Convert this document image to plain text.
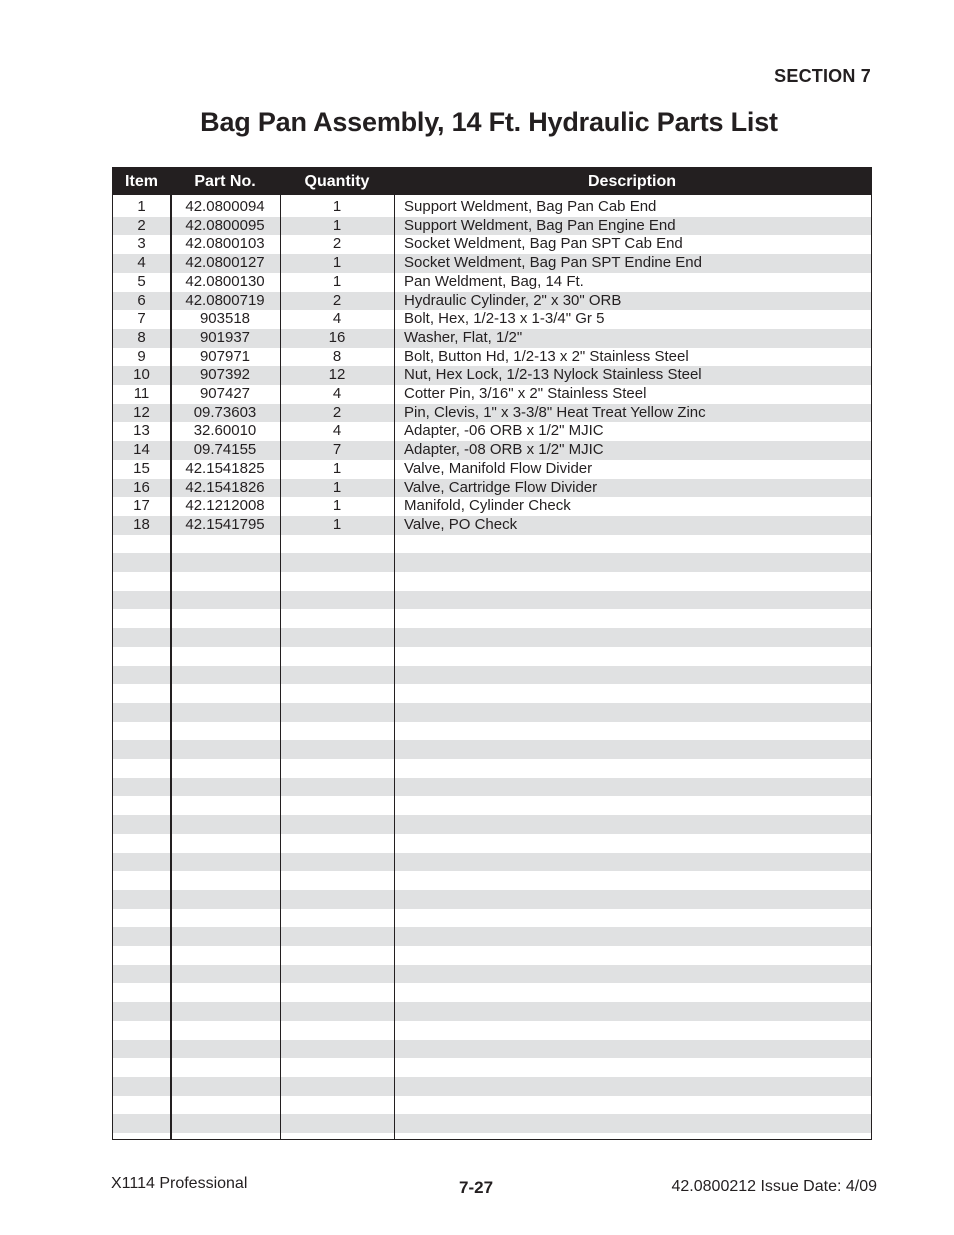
SECTION 7
Bag Pan Assembly, 14 Ft. Hydraulic Parts List
Item	Part No.	Quantity	Description
1	42.0800094	1	Support Weldment, Bag Pan Cab End
2	42.0800095	1	Support Weldment, Bag Pan Engine End
3	42.0800103	2	Socket Weldment, Bag Pan SPT Cab End
4	42.0800127	1	Socket Weldment, Bag Pan SPT Endine End
5	42.0800130	1	Pan Weldment, Bag, 14 Ft.
6	42.0800719	2	Hydraulic Cylinder, 2" x 30" ORB
7	903518	4	Bolt, Hex, 1/2-13 x 1-3/4" Gr 5
8	901937	16	Washer, Flat, 1/2"
9	907971	8	Bolt, Button Hd, 1/2-13 x 2" Stainless Steel
10	907392	12	Nut, Hex Lock, 1/2-13 Nylock Stainless Steel
11	907427	4	Cotter Pin, 3/16" x 2" Stainless Steel
12	09.73603	2	Pin, Clevis, 1" x 3-3/8" Heat Treat Yellow Zinc
13	32.60010	4	Adapter, -06 ORB x 1/2" MJIC
14	09.74155	7	Adapter, -08 ORB x 1/2" MJIC
15	42.1541825	1	Valve, Manifold Flow Divider
16	42.1541826	1	Valve, Cartridge Flow Divider
17	42.1212008	1	Manifold, Cylinder Check
18	42.1541795	1	Valve, PO Check
X1114 Professional	7-27	42.0800212 Issue Date: 4/09
